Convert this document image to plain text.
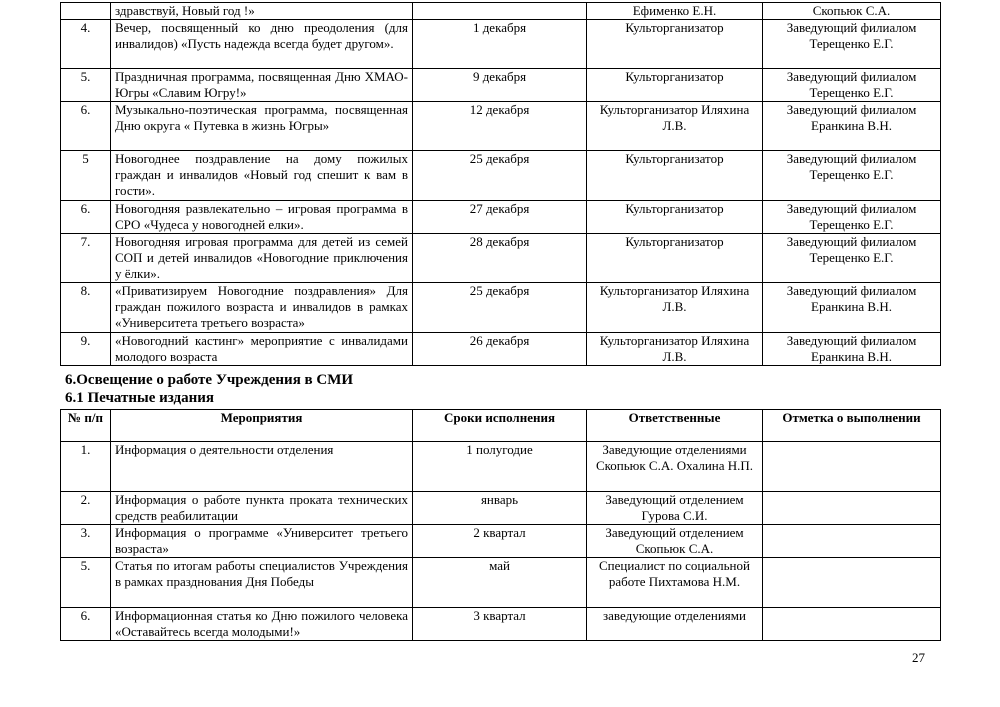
	здравствуй, Новый год !»		Ефименко Е.Н.	Скопьюк С.А.
4.	Вечер, посвященный ко дню преодоления (для инвалидов) «Пусть надежда всегда будет другом».	1 декабря	Культорганизатор	Заведующий филиалом Терещенко Е.Г.
5.	Праздничная программа, посвященная Дню ХМАО-Югры «Славим Югру!»	9 декабря	Культорганизатор	Заведующий филиалом Терещенко Е.Г.
6.	Музыкально-поэтическая программа, посвященная Дню округа « Путевка в жизнь Югры»	12 декабря	Культорганизатор Иляхина Л.В.	Заведующий филиалом Еранкина В.Н.
5	Новогоднее поздравление на дому пожилых граждан и инвалидов «Новый год спешит к вам в гости».	25 декабря	Культорганизатор	Заведующий филиалом Терещенко Е.Г.
6.	Новогодняя развлекательно – игровая программа в СРО «Чудеса у новогодней елки».	27 декабря	Культорганизатор	Заведующий филиалом Терещенко Е.Г.
7.	Новогодняя игровая программа для детей из семей СОП и детей инвалидов «Новогодние приключения у ёлки».	28 декабря	Культорганизатор	Заведующий филиалом Терещенко Е.Г.
8.	«Приватизируем Новогодние поздравления» Для граждан пожилого возраста и инвалидов в рамках «Университета третьего возраста»	25 декабря	Культорганизатор Иляхина Л.В.	Заведующий филиалом Еранкина В.Н.
9.	«Новогодний кастинг» мероприятие с инвалидами молодого возраста	26 декабря	Культорганизатор Иляхина Л.В.	Заведующий филиалом Еранкина В.Н.
6.Освещение о работе Учреждения в СМИ
6.1 Печатные издания
№ п/п	Мероприятия	Сроки исполнения	Ответственные	Отметка о выполнении
1.	Информация о деятельности отделения	1 полугодие	Заведующие отделениями Скопьюк С.А. Охалина Н.П.	
2.	Информация о работе пункта проката технических средств реабилитации	январь	Заведующий отделением Гурова С.И.	
3.	Информация о программе «Университет третьего возраста»	2 квартал	Заведующий отделением Скопьюк С.А.	
5.	Статья по итогам работы специалистов Учреждения в рамках празднования Дня Победы	май	Специалист по социальной работе Пихтамова Н.М.	
6.	Информационная статья ко Дню пожилого человека «Оставайтесь всегда молодыми!»	3 квартал	заведующие отделениями	
27
